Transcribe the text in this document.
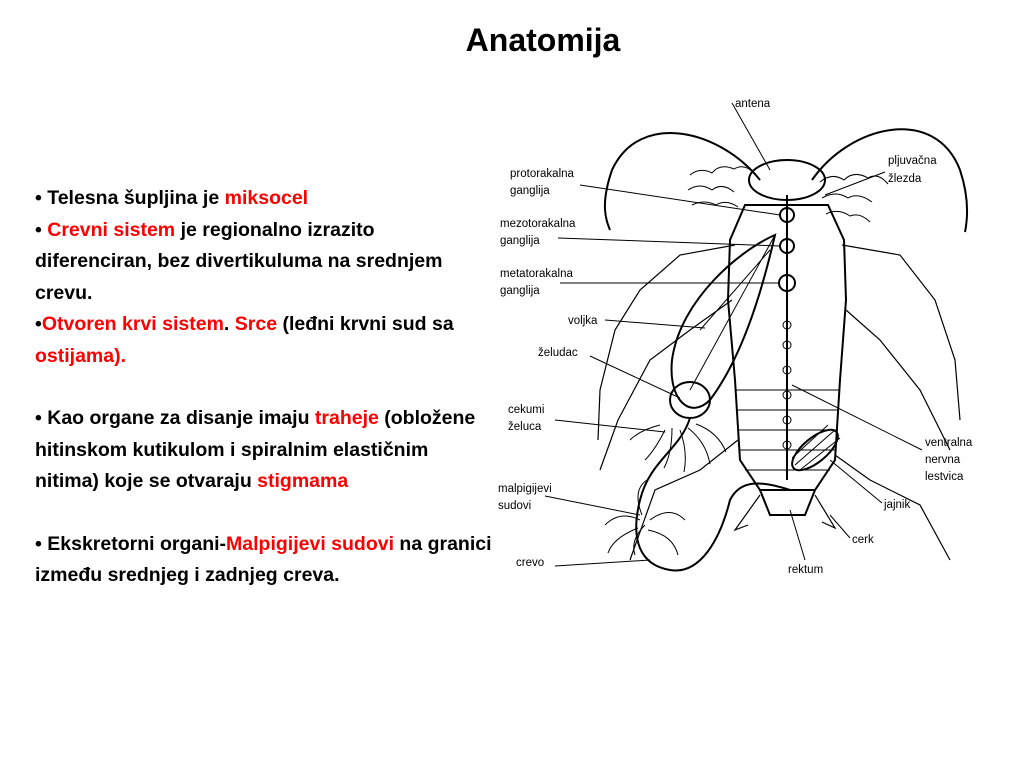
Anatomija

• Telesna šupljina je miksocel

• Crevni sistem je regionalno izrazito diferenciran, bez divertikuluma na srednjem crevu.

•Otvoren krvi sistem. Srce (leđni krvni sud sa ostijama).

• Kao organe za disanje imaju traheje (obložene hitinskom kutikulom i spiralnim elastičnim nitima) koje se otvaraju stigmama

• Ekskretorni organi-Malpigijevi sudovi na granici između srednjeg i zadnjeg creva.

antena
protorakalna
ganglija
mezotorakalna
ganglija
metatorakalna
ganglija
voljka
želudac
cekumi
želuca
malpigijevi
sudovi
crevo
pljuvačna
žlezda
ventralna
nervna
lestvica
jajnik
cerk
rektum
